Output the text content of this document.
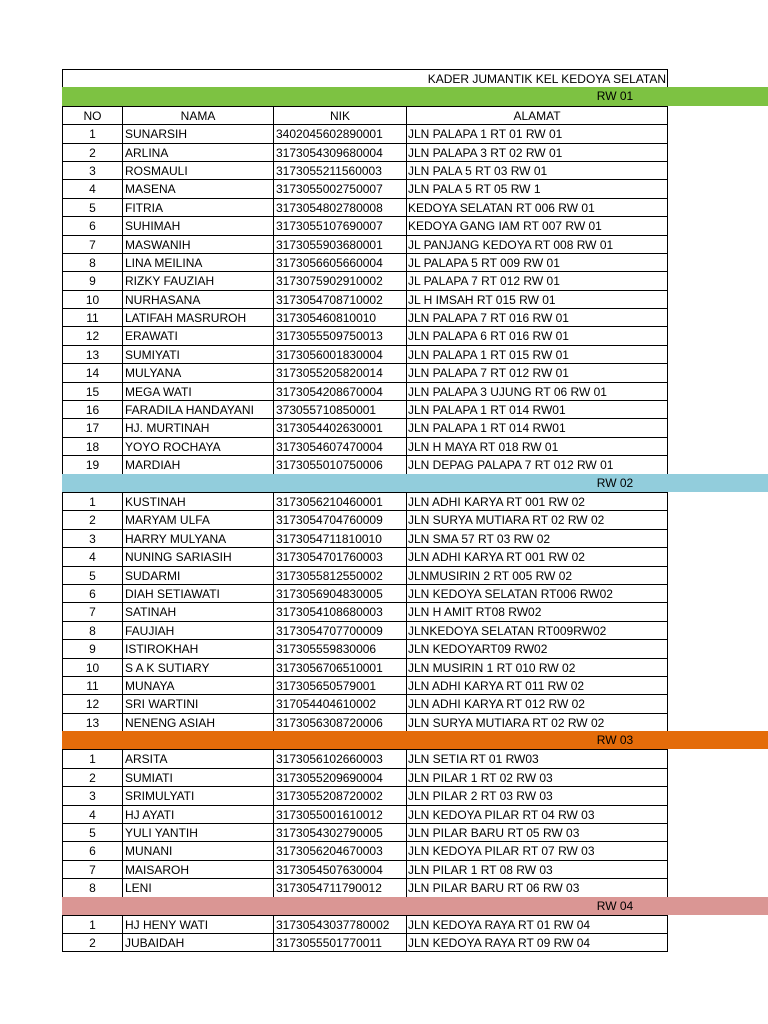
KADER JUMANTIK KEL KEDOYA SELATAN
RW 01
NO	NAMA	NIK	ALAMAT
1	SUNARSIH	3402045602890001	JLN PALAPA 1 RT 01 RW 01
2	ARLINA	3173054309680004	JLN PALAPA 3 RT 02 RW 01
3	ROSMAULI	3173055211560003	JLN PALA 5 RT 03 RW 01
4	MASENA	3173055002750007	JLN PALA 5 RT 05 RW 1
5	FITRIA	3173054802780008	KEDOYA SELATAN RT 006 RW 01
6	SUHIMAH	3173055107690007	KEDOYA GANG IAM RT 007 RW 01
7	MASWANIH	3173055903680001	JL PANJANG KEDOYA RT 008 RW 01
8	LINA MEILINA	3173056605660004	JL PALAPA 5 RT 009 RW 01
9	RIZKY FAUZIAH	3173075902910002	JL PALAPA 7 RT 012 RW 01
10	NURHASANA	3173054708710002	JL H IMSAH RT 015 RW 01
11	LATIFAH MASRUROH	317305460810010	JLN PALAPA 7 RT 016 RW 01
12	ERAWATI	3173055509750013	JLN PALAPA 6 RT 016 RW 01
13	SUMIYATI	3173056001830004	JLN PALAPA 1 RT 015 RW 01
14	MULYANA	3173055205820014	JLN PALAPA 7 RT 012 RW 01
15	MEGA WATI	3173054208670004	JLN PALAPA 3 UJUNG RT 06 RW 01
16	FARADILA HANDAYANI	373055710850001	JLN PALAPA 1 RT 014 RW01
17	HJ. MURTINAH	3173054402630001	JLN PALAPA 1 RT 014 RW01
18	YOYO ROCHAYA	3173054607470004	JLN H MAYA RT 018 RW 01
19	MARDIAH	3173055010750006	JLN DEPAG PALAPA 7 RT 012 RW 01
RW 02
1	KUSTINAH	3173056210460001	JLN ADHI KARYA RT 001 RW 02
2	MARYAM ULFA	3173054704760009	JLN SURYA MUTIARA RT 02 RW 02
3	HARRY MULYANA	3173054711810010	JLN SMA 57 RT 03 RW 02
4	NUNING SARIASIH	3173054701760003	JLN ADHI KARYA RT 001 RW 02
5	SUDARMI	3173055812550002	JLNMUSIRIN 2 RT 005 RW 02
6	DIAH SETIAWATI	3173056904830005	JLN KEDOYA SELATAN RT006 RW02
7	SATINAH	3173054108680003	JLN H AMIT RT08 RW02
8	FAUJIAH	3173054707700009	JLNKEDOYA SELATAN RT009RW02
9	ISTIROKHAH	317305559830006	JLN KEDOYART09 RW02
10	S A K SUTIARY	3173056706510001	JLN MUSIRIN 1 RT 010 RW 02
11	MUNAYA	317305650579001	JLN ADHI KARYA RT 011 RW 02
12	SRI WARTINI	317054404610002	JLN ADHI KARYA RT 012 RW 02
13	NENENG ASIAH	3173056308720006	JLN SURYA MUTIARA RT 02 RW 02
RW 03
1	ARSITA	3173056102660003	JLN SETIA RT 01 RW03
2	SUMIATI	3173055209690004	JLN PILAR 1 RT 02 RW 03
3	SRIMULYATI	3173055208720002	JLN PILAR 2 RT 03 RW 03
4	HJ AYATI	3173055001610012	JLN KEDOYA PILAR RT 04 RW 03
5	YULI YANTIH	3173054302790005	JLN PILAR BARU RT 05 RW 03
6	MUNANI	3173056204670003	JLN KEDOYA PILAR RT 07 RW 03
7	MAISAROH	3173054507630004	JLN PILAR 1 RT 08 RW 03
8	LENI	3173054711790012	JLN PILAR BARU RT 06 RW 03
RW 04
1	HJ HENY WATI	31730543037780002	JLN KEDOYA RAYA RT 01 RW 04
2	JUBAIDAH	3173055501770011	JLN KEDOYA RAYA RT 09 RW 04
